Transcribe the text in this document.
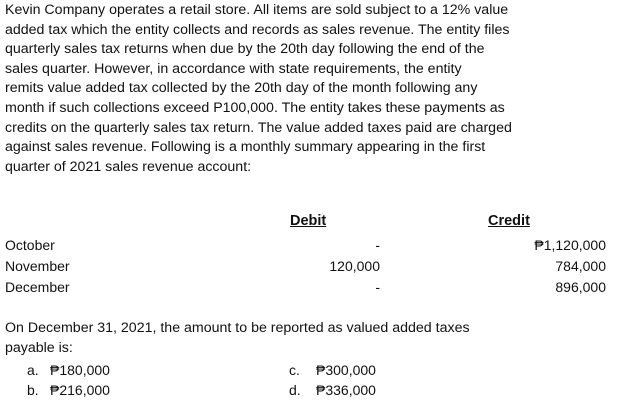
Kevin Company operates a retail store. All items are sold subject to a 12% value
added tax which the entity collects and records as sales revenue. The entity files
quarterly sales tax returns when due by the 20th day following the end of the
sales quarter. However, in accordance with state requirements, the entity
remits value added tax collected by the 20th day of the month following any
month if such collections exceed P100,000. The entity takes these payments as
credits on the quarterly sales tax return. The value added taxes paid are charged
against sales revenue. Following is a monthly summary appearing in the first
quarter of 2021 sales revenue account:
Debit	Credit
October	-	₱1,120,000
November	120,000	784,000
December	-	896,000
On December 31, 2021, the amount to be reported as valued added taxes
payable is:
a. ₱180,000
b. ₱216,000
c. ₱300,000
d. ₱336,000
